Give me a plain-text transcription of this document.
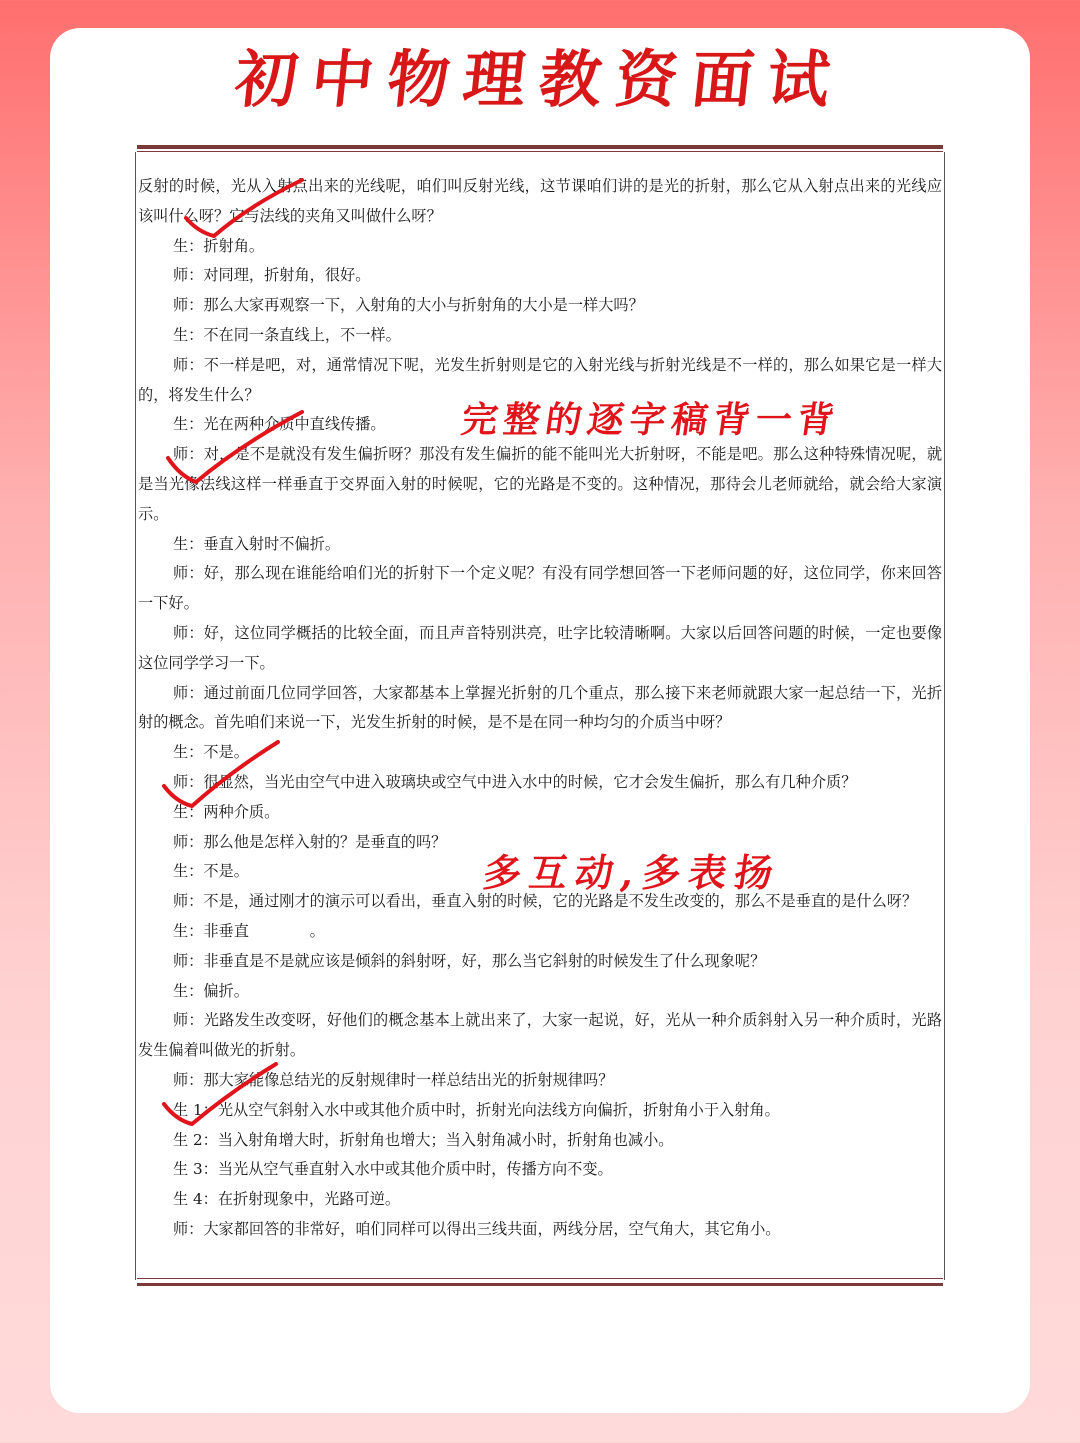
初中物理教资面试

反射的时候，光从入射点出来的光线呢，咱们叫反射光线，这节课咱们讲的是光的折射，那么它从入射点出来的光线应该叫什么呀？它与法线的夹角又叫做什么呀？

生：折射角。

师：对同理，折射角，很好。

师：那么大家再观察一下，入射角的大小与折射角的大小是一样大吗？

生：不在同一条直线上，不一样。

师：不一样是吧，对，通常情况下呢，光发生折射则是它的入射光线与折射光线是不一样的，那么如果它是一样大的，将发生什么？

生：光在两种介质中直线传播。

师：对，是不是就没有发生偏折呀？那没有发生偏折的能不能叫光大折射呀，不能是吧。那么这种特殊情况呢，就是当光像法线这样一样垂直于交界面入射的时候呢，它的光路是不变的。这种情况，那待会儿老师就给，就会给大家演示。

生：垂直入射时不偏折。

师：好，那么现在谁能给咱们光的折射下一个定义呢？有没有同学想回答一下老师问题的好，这位同学，你来回答一下好。

师：好，这位同学概括的比较全面，而且声音特别洪亮，吐字比较清晰啊。大家以后回答问题的时候，一定也要像这位同学学习一下。

师：通过前面几位同学回答，大家都基本上掌握光折射的几个重点，那么接下来老师就跟大家一起总结一下，光折射的概念。首先咱们来说一下，光发生折射的时候，是不是在同一种均匀的介质当中呀？

生：不是。

师：很显然，当光由空气中进入玻璃块或空气中进入水中的时候，它才会发生偏折，那么有几种介质？

生：两种介质。

师：那么他是怎样入射的？是垂直的吗？

生：不是。

师：不是，通过刚才的演示可以看出，垂直入射的时候，它的光路是不发生改变的，那么不是垂直的是什么呀？

生：非垂直　　　　。

师：非垂直是不是就应该是倾斜的斜射呀，好，那么当它斜射的时候发生了什么现象呢？

生：偏折。

师：光路发生改变呀，好他们的概念基本上就出来了，大家一起说，好，光从一种介质斜射入另一种介质时，光路发生偏着叫做光的折射。

师：那大家能像总结光的反射规律时一样总结出光的折射规律吗？

生 1：光从空气斜射入水中或其他介质中时，折射光向法线方向偏折，折射角小于入射角。

生 2：当入射角增大时，折射角也增大；当入射角减小时，折射角也减小。

生 3：当光从空气垂直射入水中或其他介质中时，传播方向不变。

生 4：在折射现象中，光路可逆。

师：大家都回答的非常好，咱们同样可以得出三线共面，两线分居，空气角大，其它角小。

完整的逐字稿背一背
多互动,多表扬
